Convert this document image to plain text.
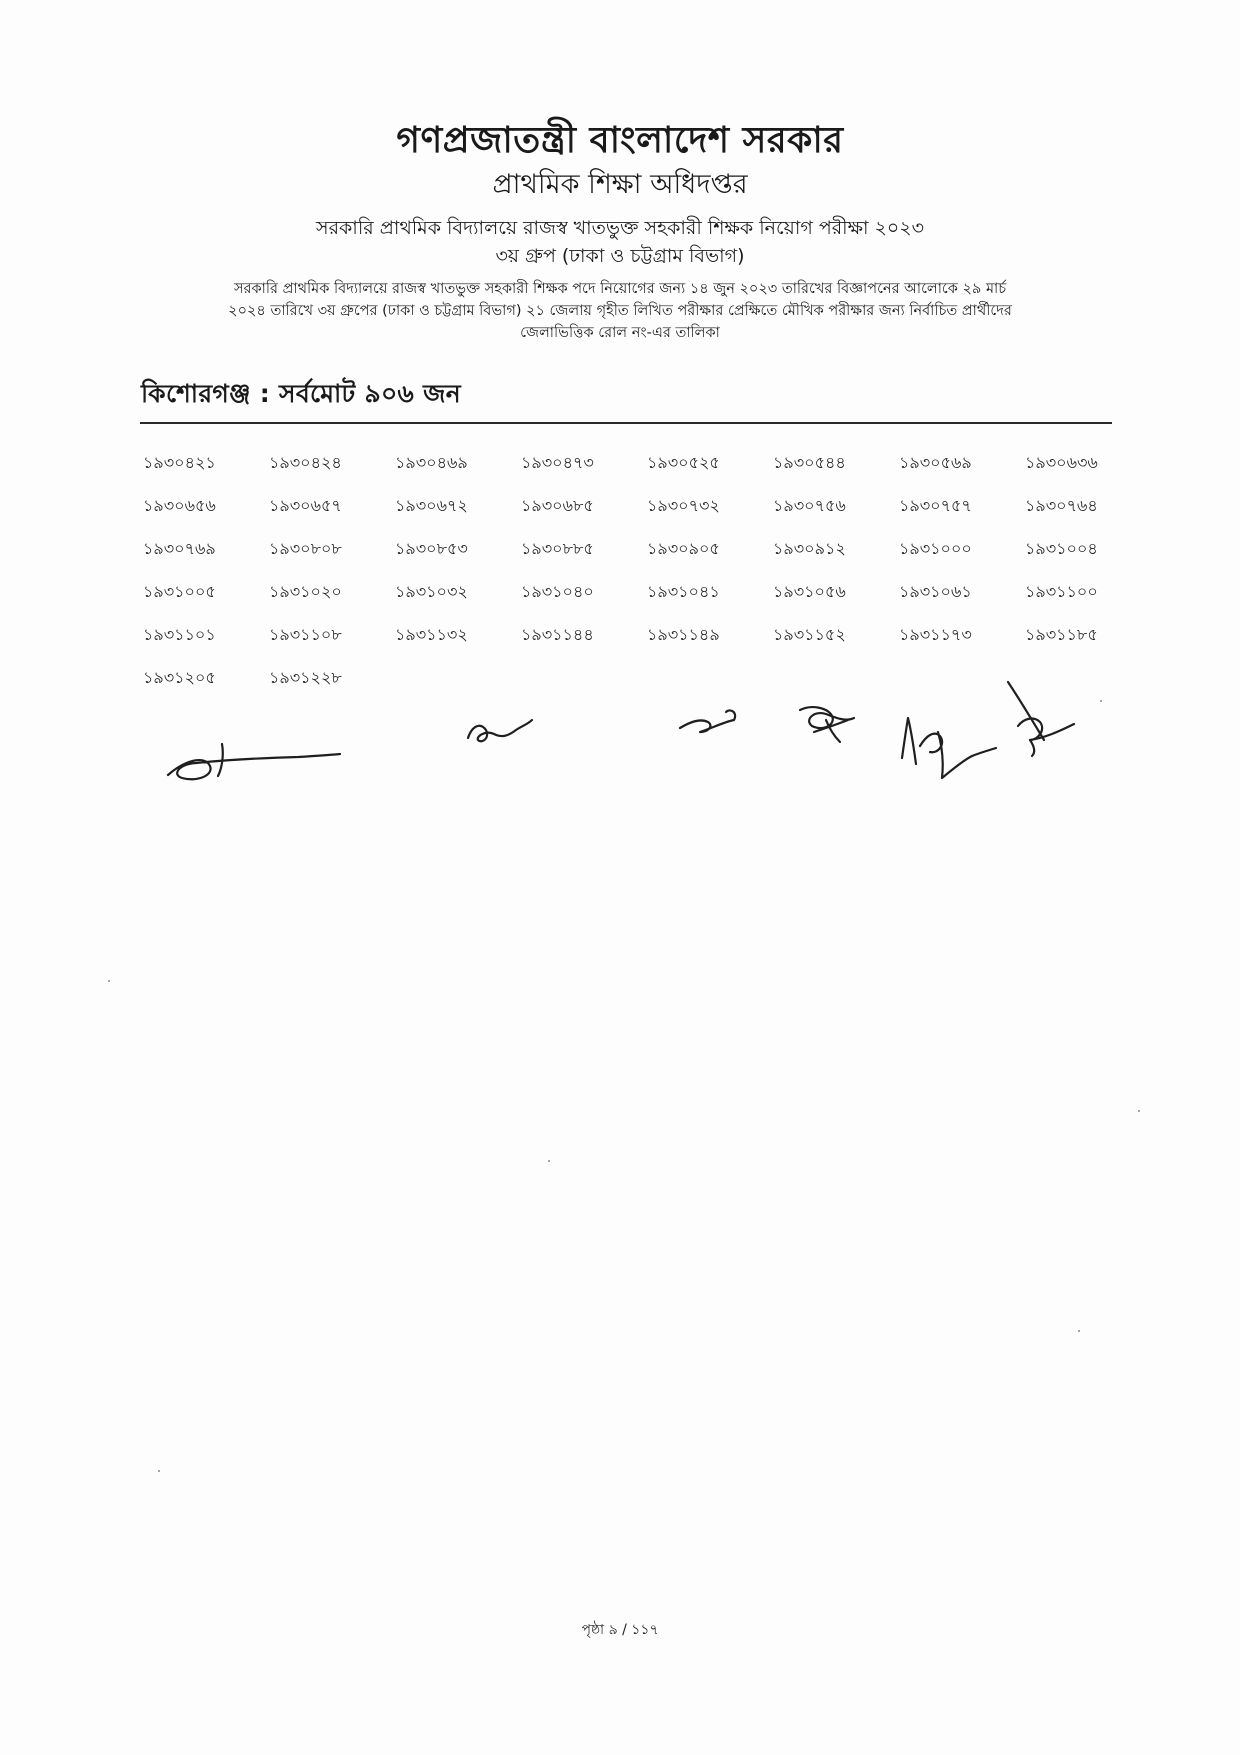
গণপ্রজাতন্ত্রী বাংলাদেশ সরকার

প্রাথমিক শিক্ষা অধিদপ্তর

সরকারি প্রাথমিক বিদ্যালয়ে রাজস্ব খাতভুক্ত সহকারী শিক্ষক নিয়োগ পরীক্ষা ২০২৩

৩য় গ্রুপ (ঢাকা ও চট্টগ্রাম বিভাগ)

সরকারি প্রাথমিক বিদ্যালয়ে রাজস্ব খাতভুক্ত সহকারী শিক্ষক পদে নিয়োগের জন্য ১৪ জুন ২০২৩ তারিখের বিজ্ঞাপনের আলোকে ২৯ মার্চ
২০২৪ তারিখে ৩য় গ্রুপের (ঢাকা ও চট্টগ্রাম বিভাগ) ২১ জেলায় গৃহীত লিখিত পরীক্ষার প্রেক্ষিতে মৌখিক পরীক্ষার জন্য নির্বাচিত প্রার্থীদের
জেলাভিত্তিক রোল নং-এর তালিকা

কিশোরগঞ্জ : সর্বমোট ৯০৬ জন

১৯৩০৪২১	১৯৩০৪২৪	১৯৩০৪৬৯	১৯৩০৪৭৩	১৯৩০৫২৫	১৯৩০৫৪৪	১৯৩০৫৬৯	১৯৩০৬৩৬
১৯৩০৬৫৬	১৯৩০৬৫৭	১৯৩০৬৭২	১৯৩০৬৮৫	১৯৩০৭৩২	১৯৩০৭৫৬	১৯৩০৭৫৭	১৯৩০৭৬৪
১৯৩০৭৬৯	১৯৩০৮০৮	১৯৩০৮৫৩	১৯৩০৮৮৫	১৯৩০৯০৫	১৯৩০৯১২	১৯৩১০০০	১৯৩১০০৪
১৯৩১০০৫	১৯৩১০২০	১৯৩১০৩২	১৯৩১০৪০	১৯৩১০৪১	১৯৩১০৫৬	১৯৩১০৬১	১৯৩১১০০
১৯৩১১০১	১৯৩১১০৮	১৯৩১১৩২	১৯৩১১৪৪	১৯৩১১৪৯	১৯৩১১৫২	১৯৩১১৭৩	১৯৩১১৮৫
১৯৩১২০৫	১৯৩১২২৮
পৃষ্ঠা ৯ / ১১৭
